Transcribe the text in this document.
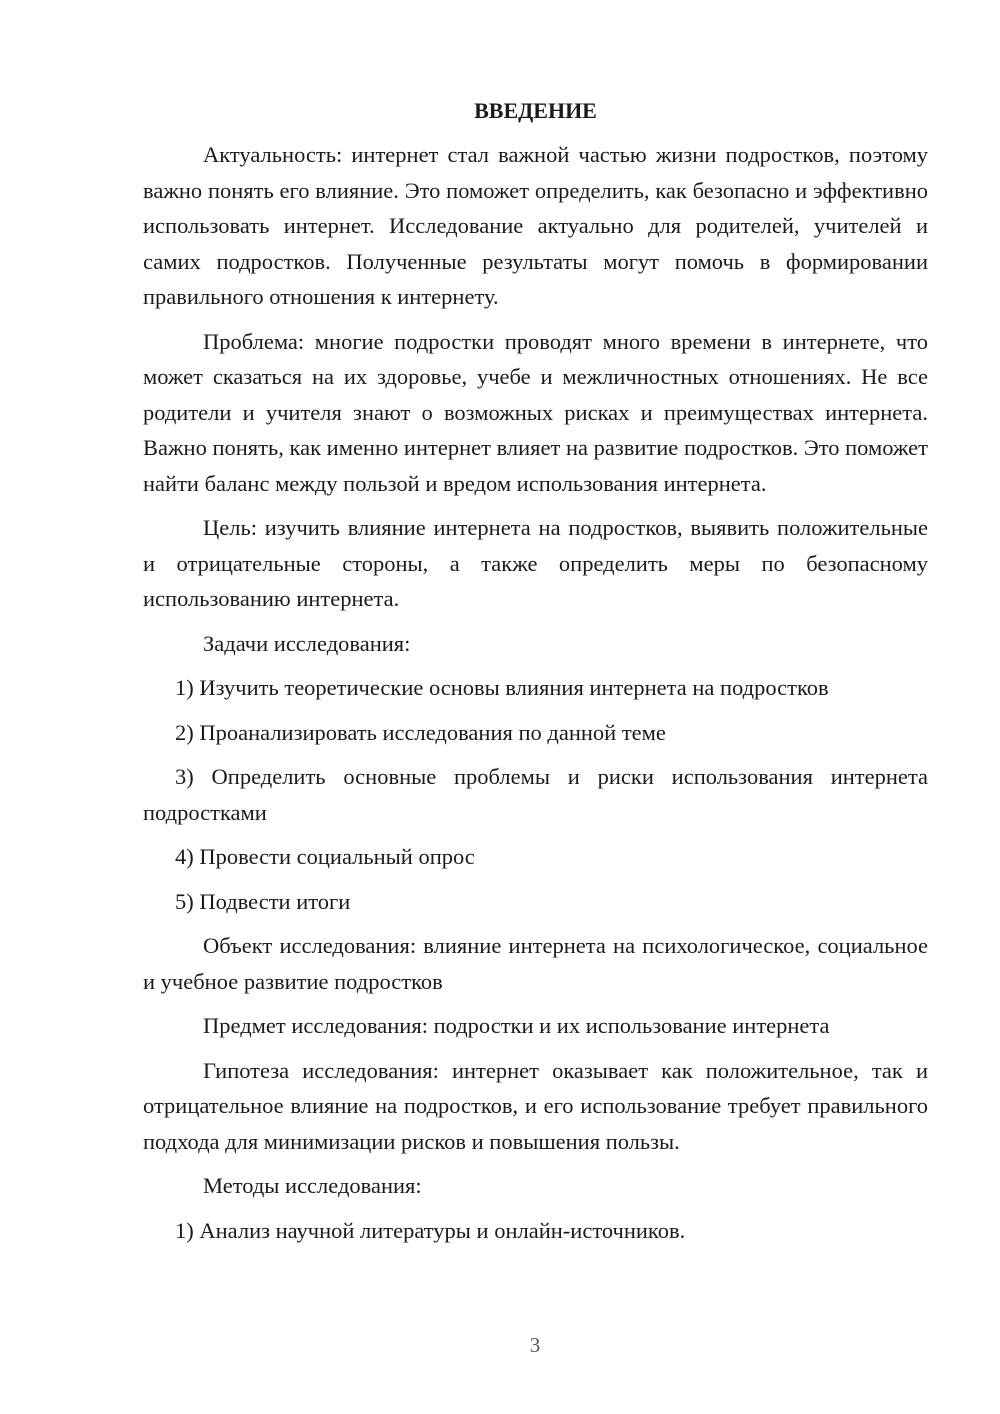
ВВЕДЕНИЕ

Актуальность: интернет стал важной частью жизни подростков, поэтому важно понять его влияние. Это поможет определить, как безопасно и эффективно использовать интернет. Исследование актуально для родителей, учителей и самих подростков. Полученные результаты могут помочь в формировании правильного отношения к интернету.

Проблема: многие подростки проводят много времени в интернете, что может сказаться на их здоровье, учебе и межличностных отношениях. Не все родители и учителя знают о возможных рисках и преимуществах интернета. Важно понять, как именно интернет влияет на развитие подростков. Это поможет найти баланс между пользой и вредом использования интернета.

Цель: изучить влияние интернета на подростков, выявить положительные и отрицательные стороны, а также определить меры по безопасному использованию интернета.

Задачи исследования:

1) Изучить теоретические основы влияния интернета на подростков

2) Проанализировать исследования по данной теме

3) Определить основные проблемы и риски использования интернета подростками

4) Провести социальный опрос

5) Подвести итоги

Объект исследования: влияние интернета на психологическое, социальное и учебное развитие подростков

Предмет исследования: подростки и их использование интернета

Гипотеза исследования: интернет оказывает как положительное, так и отрицательное влияние на подростков, и его использование требует правильного подхода для минимизации рисков и повышения пользы.

Методы исследования:

1) Анализ научной литературы и онлайн-источников.

3
